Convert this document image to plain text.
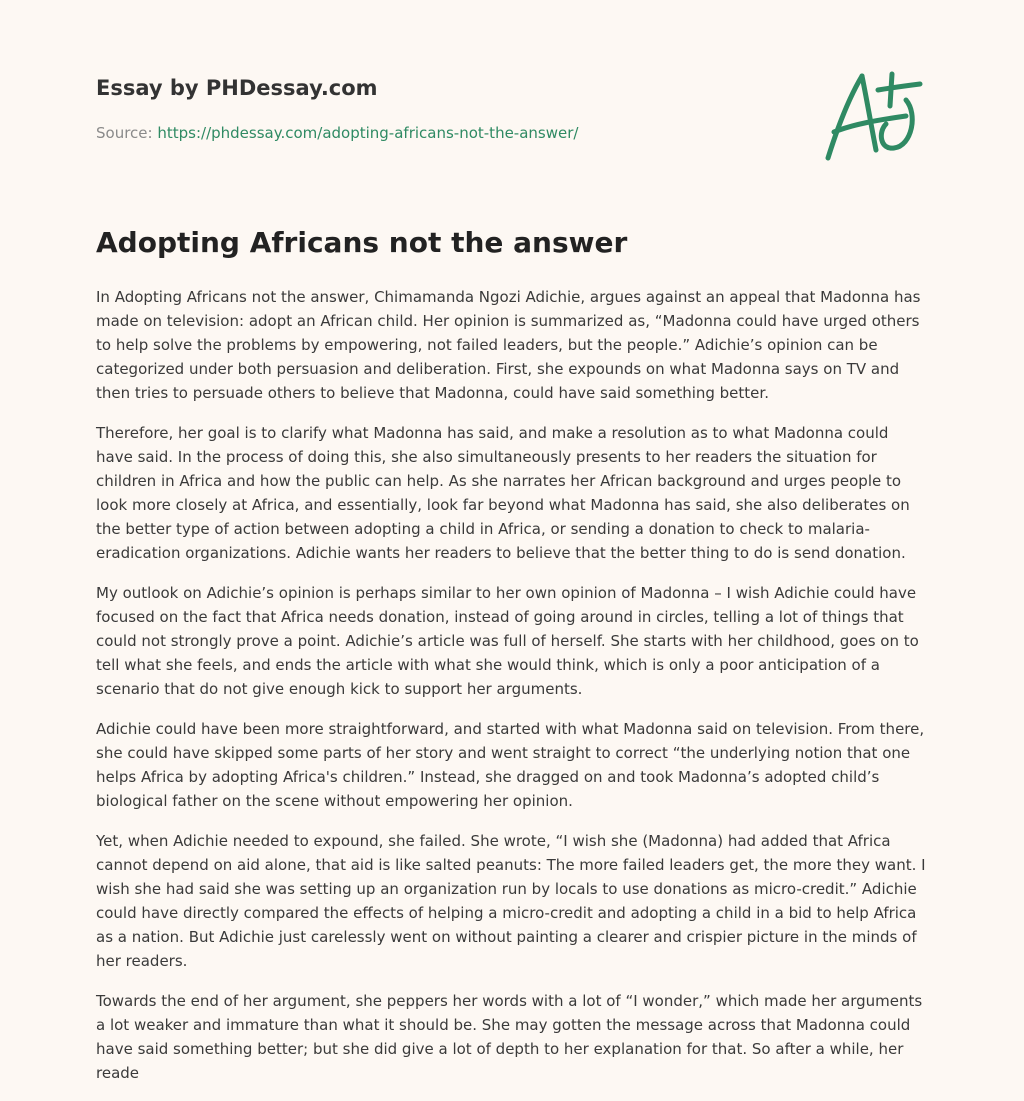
Essay by PHDessay.com
Source: https://phdessay.com/adopting-africans-not-the-answer/
Adopting Africans not the answer

In Adopting Africans not the answer, Chimamanda Ngozi Adichie, argues against an appeal that Madonna has made on television: adopt an African child. Her opinion is summarized as, “Madonna could have urged others to help solve the problems by empowering, not failed leaders, but the people.” Adichie’s opinion can be categorized under both persuasion and deliberation. First, she expounds on what Madonna says on TV and then tries to persuade others to believe that Madonna, could have said something better.

Therefore, her goal is to clarify what Madonna has said, and make a resolution as to what Madonna could have said. In the process of doing this, she also simultaneously presents to her readers the situation for children in Africa and how the public can help. As she narrates her African background and urges people to look more closely at Africa, and essentially, look far beyond what Madonna has said, she also deliberates on the better type of action between adopting a child in Africa, or sending a donation to check to malaria-eradication organizations. Adichie wants her readers to believe that the better thing to do is send donation.

My outlook on Adichie’s opinion is perhaps similar to her own opinion of Madonna – I wish Adichie could have focused on the fact that Africa needs donation, instead of going around in circles, telling a lot of things that could not strongly prove a point. Adichie’s article was full of herself. She starts with her childhood, goes on to tell what she feels, and ends the article with what she would think, which is only a poor anticipation of a scenario that do not give enough kick to support her arguments.

Adichie could have been more straightforward, and started with what Madonna said on television. From there, she could have skipped some parts of her story and went straight to correct “the underlying notion that one helps Africa by adopting Africa's children.” Instead, she dragged on and took Madonna’s adopted child’s biological father on the scene without empowering her opinion.

Yet, when Adichie needed to expound, she failed. She wrote, “I wish she (Madonna) had added that Africa cannot depend on aid alone, that aid is like salted peanuts: The more failed leaders get, the more they want. I wish she had said she was setting up an organization run by locals to use donations as micro-credit.” Adichie could have directly compared the effects of helping a micro-credit and adopting a child in a bid to help Africa as a nation. But Adichie just carelessly went on without painting a clearer and crispier picture in the minds of her readers.

Towards the end of her argument, she peppers her words with a lot of “I wonder,” which made her arguments a lot weaker and immature than what it should be. She may gotten the message across that Madonna could have said something better; but she did give a lot of depth to her explanation for that. So after a while, her reade
